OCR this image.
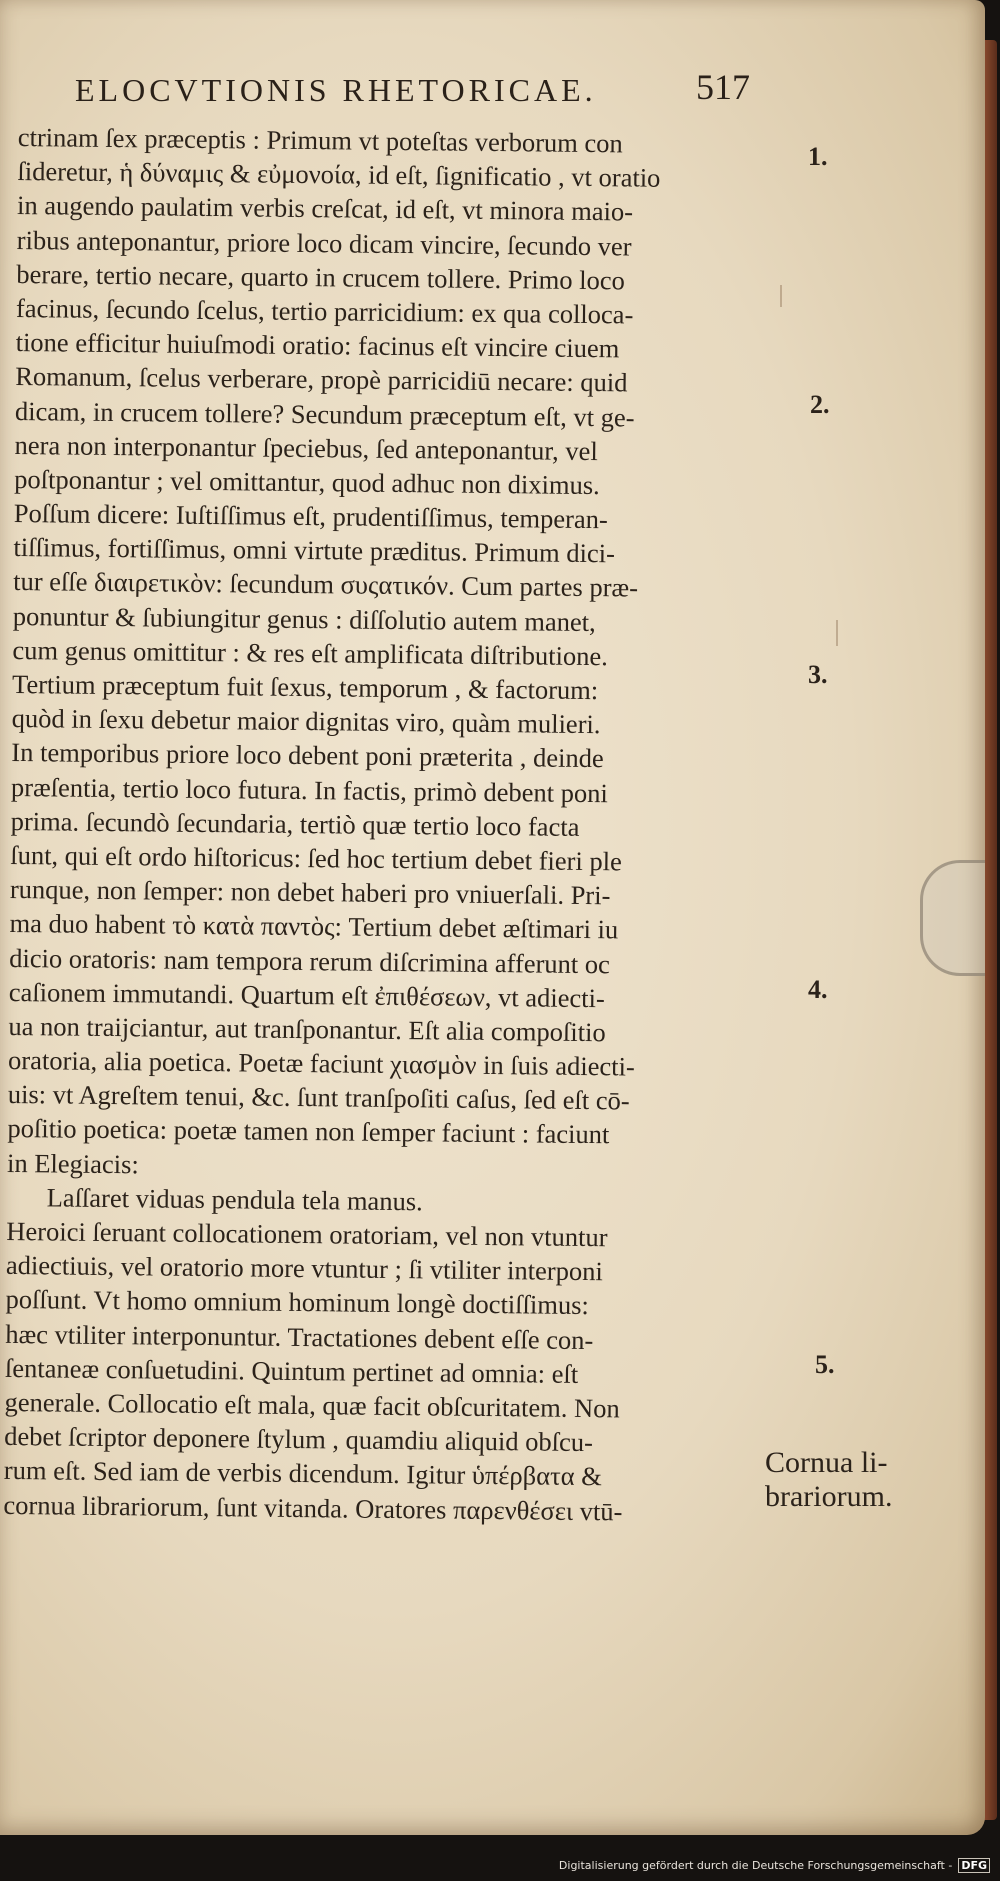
ELOCVTIONIS RHETORICAE.	517
ctrinam ſex præceptis : Primum vt poteſtas verborum con
ſideretur, ἡ δύναμις & εὐμονοία, id eſt, ſignificatio , vt oratio
in augendo paulatim verbis creſcat, id eſt, vt minora maio-
ribus anteponantur, priore loco dicam vincire, ſecundo ver
berare, tertio necare, quarto in crucem tollere. Primo loco
facinus, ſecundo ſcelus, tertio parricidium: ex qua colloca-
tione efficitur huiuſmodi oratio: facinus eſt vincire ciuem
Romanum, ſcelus verberare, propè parricidiū necare: quid
dicam, in crucem tollere? Secundum præceptum eſt, vt ge-
nera non interponantur ſpeciebus, ſed anteponantur, vel
poſtponantur ; vel omittantur, quod adhuc non diximus.
Poſſum dicere: Iuſtiſſimus eſt, prudentiſſimus, temperan-
tiſſimus, fortiſſimus, omni virtute præditus. Primum dici-
tur eſſe διαιρετικὸν: ſecundum συςατικόν. Cum partes præ-
ponuntur & ſubiungitur genus : diſſolutio autem manet,
cum genus omittitur : & res eſt amplificata diſtributione.
Tertium præceptum fuit ſexus, temporum , & factorum:
quòd in ſexu debetur maior dignitas viro, quàm mulieri.
In temporibus priore loco debent poni præterita , deinde
præſentia, tertio loco futura. In factis, primò debent poni
prima. ſecundò ſecundaria, tertiò quæ tertio loco facta
ſunt, qui eſt ordo hiſtoricus: ſed hoc tertium debet fieri ple
runque, non ſemper: non debet haberi pro vniuerſali. Pri-
ma duo habent τὸ κατὰ παντὸς: Tertium debet æſtimari iu
dicio oratoris: nam tempora rerum diſcrimina afferunt oc
caſionem immutandi. Quartum eſt ἐπιθέσεων, vt adiecti-
ua non traijciantur, aut tranſponantur. Eſt alia compoſitio
oratoria, alia poetica. Poetæ faciunt χιασμὸν in ſuis adiecti-
uis: vt Agreſtem tenui, &c. ſunt tranſpoſiti caſus, ſed eſt cō-
poſitio poetica: poetæ tamen non ſemper faciunt : faciunt
in Elegiacis:
Laſſaret viduas pendula tela manus.
Heroici ſeruant collocationem oratoriam, vel non vtuntur
adiectiuis, vel oratorio more vtuntur ; ſi vtiliter interponi
poſſunt. Vt homo omnium hominum longè doctiſſimus:
hæc vtiliter interponuntur. Tractationes debent eſſe con-
ſentaneæ conſuetudini. Quintum pertinet ad omnia: eſt
generale. Collocatio eſt mala, quæ facit obſcuritatem. Non
debet ſcriptor deponere ſtylum , quamdiu aliquid obſcu-
rum eſt. Sed iam de verbis dicendum. Igitur ὑπέρβατα &
cornua librariorum, ſunt vitanda. Oratores παρενθέσει vtū-
1.
2.
3.
4.
5.
Cornua li-
brariorum.
Digitalisierung gefördert durch die Deutsche Forschungsgemeinschaft - DFG
